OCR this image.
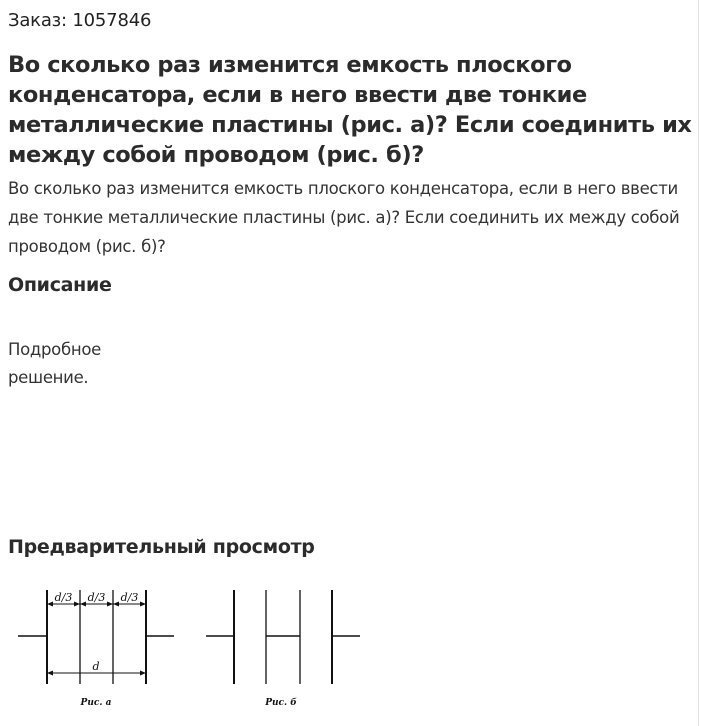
Заказ: 1057846
Во сколько раз изменится емкость плоского конденсатора, если в него ввести две тонкие металлические пластины (рис. а)? Если соединить их между собой проводом (рис. б)?

Во сколько раз изменится емкость плоского конденсатора, если в него ввести две тонкие металлические пластины (рис. а)? Если соединить их между собой проводом (рис. б)?

Описание

Подробное решение.

Предварительный просмотр
d/3 d/3 d/3
d
Рис. а	Рис. б
